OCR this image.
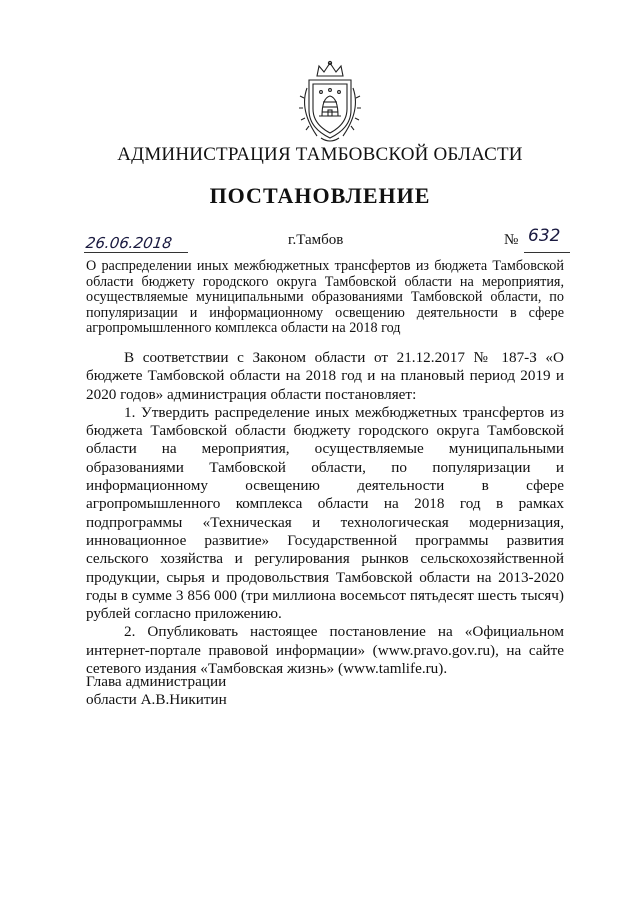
АДМИНИСТРАЦИЯ ТАМБОВСКОЙ ОБЛАСТИ
ПОСТАНОВЛЕНИЕ
26.06.2018	г.Тамбов	№ 632
О распределении иных межбюджетных трансфертов из бюджета Тамбовской области бюджету городского округа Тамбовской области на мероприятия, осуществляемые муниципальными образованиями Тамбовской области, по популяризации и информационному освещению деятельности в сфере агропромышленного комплекса области на 2018 год

В соответствии с Законом области от 21.12.2017 № 187-З «О бюджете Тамбовской области на 2018 год и на плановый период 2019 и 2020 годов» администрация области постановляет:

1. Утвердить распределение иных межбюджетных трансфертов из бюджета Тамбовской области бюджету городского округа Тамбовской области на мероприятия, осуществляемые муниципальными образованиями Тамбовской области, по популяризации и информационному освещению деятельности в сфере агропромышленного комплекса области на 2018 год в рамках подпрограммы «Техническая и технологическая модернизация, инновационное развитие» Государственной программы развития сельского хозяйства и регулирования рынков сельскохозяйственной продукции, сырья и продовольствия Тамбовской области на 2013-2020 годы в сумме 3 856 000 (три миллиона восемьсот пятьдесят шесть тысяч) рублей согласно приложению.

2. Опубликовать настоящее постановление на «Официальном интернет-портале правовой информации» (www.pravo.gov.ru), на сайте сетевого издания «Тамбовская жизнь» (www.tamlife.ru).

Глава администрации
области А.В.Никитин
